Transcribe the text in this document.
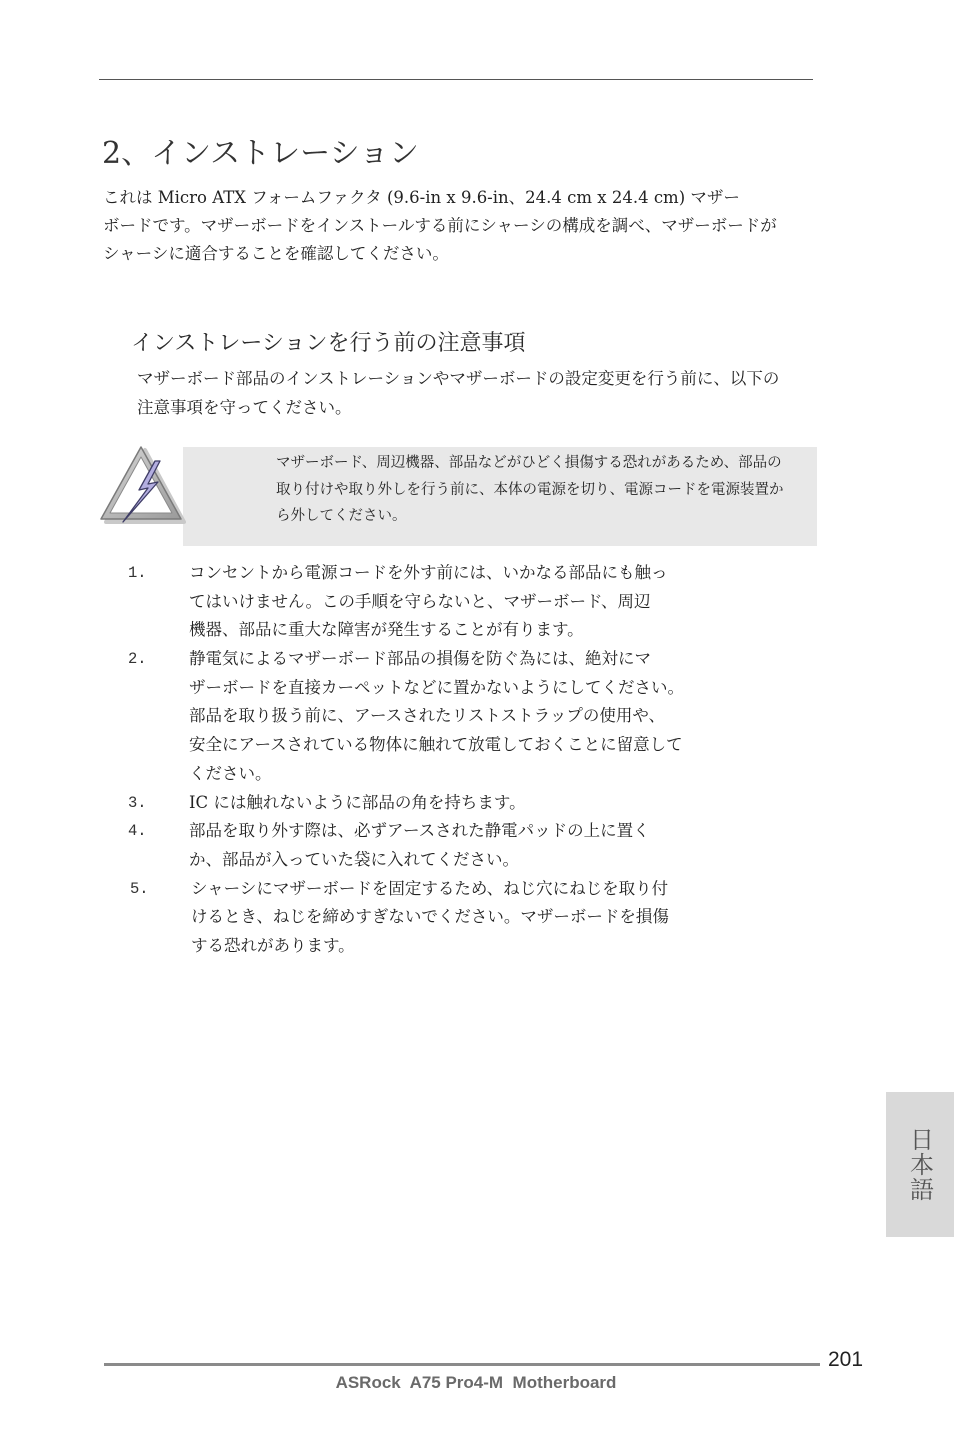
2、インストレーション
これは Micro ATX フォームファクタ (9.6-in x 9.6-in、24.4 cm x 24.4 cm) マザー
ボードです。マザーボードをインストールする前にシャーシの構成を調べ、マザーボードが
シャーシに適合することを確認してください。
インストレーションを行う前の注意事項
マザーボード部品のインストレーションやマザーボードの設定変更を行う前に、以下の
注意事項を守ってください。
マザーボード、周辺機器、部品などがひどく損傷する恐れがあるため、部品の
取り付けや取り外しを行う前に、本体の電源を切り、電源コードを電源装置か
ら外してください。
1.	コンセントから電源コードを外す前には、いかなる部品にも触っ
てはいけません。この手順を守らないと、マザーボード、周辺
機器、部品に重大な障害が発生することが有ります。
2.	静電気によるマザーボード部品の損傷を防ぐ為には、絶対にマ
ザーボードを直接カーペットなどに置かないようにしてください。
部品を取り扱う前に、アースされたリストストラップの使用や、
安全にアースされている物体に触れて放電しておくことに留意して
ください。
3.	IC には触れないように部品の角を持ちます。
4.	部品を取り外す際は、必ずアースされた静電パッドの上に置く
か、部品が入っていた袋に入れてください。
5.	シャーシにマザーボードを固定するため、ねじ穴にねじを取り付
けるとき、ねじを締めすぎないでください。マザーボードを損傷
する恐れがあります。
日本語
201
ASRock  A75 Pro4-M  Motherboard
